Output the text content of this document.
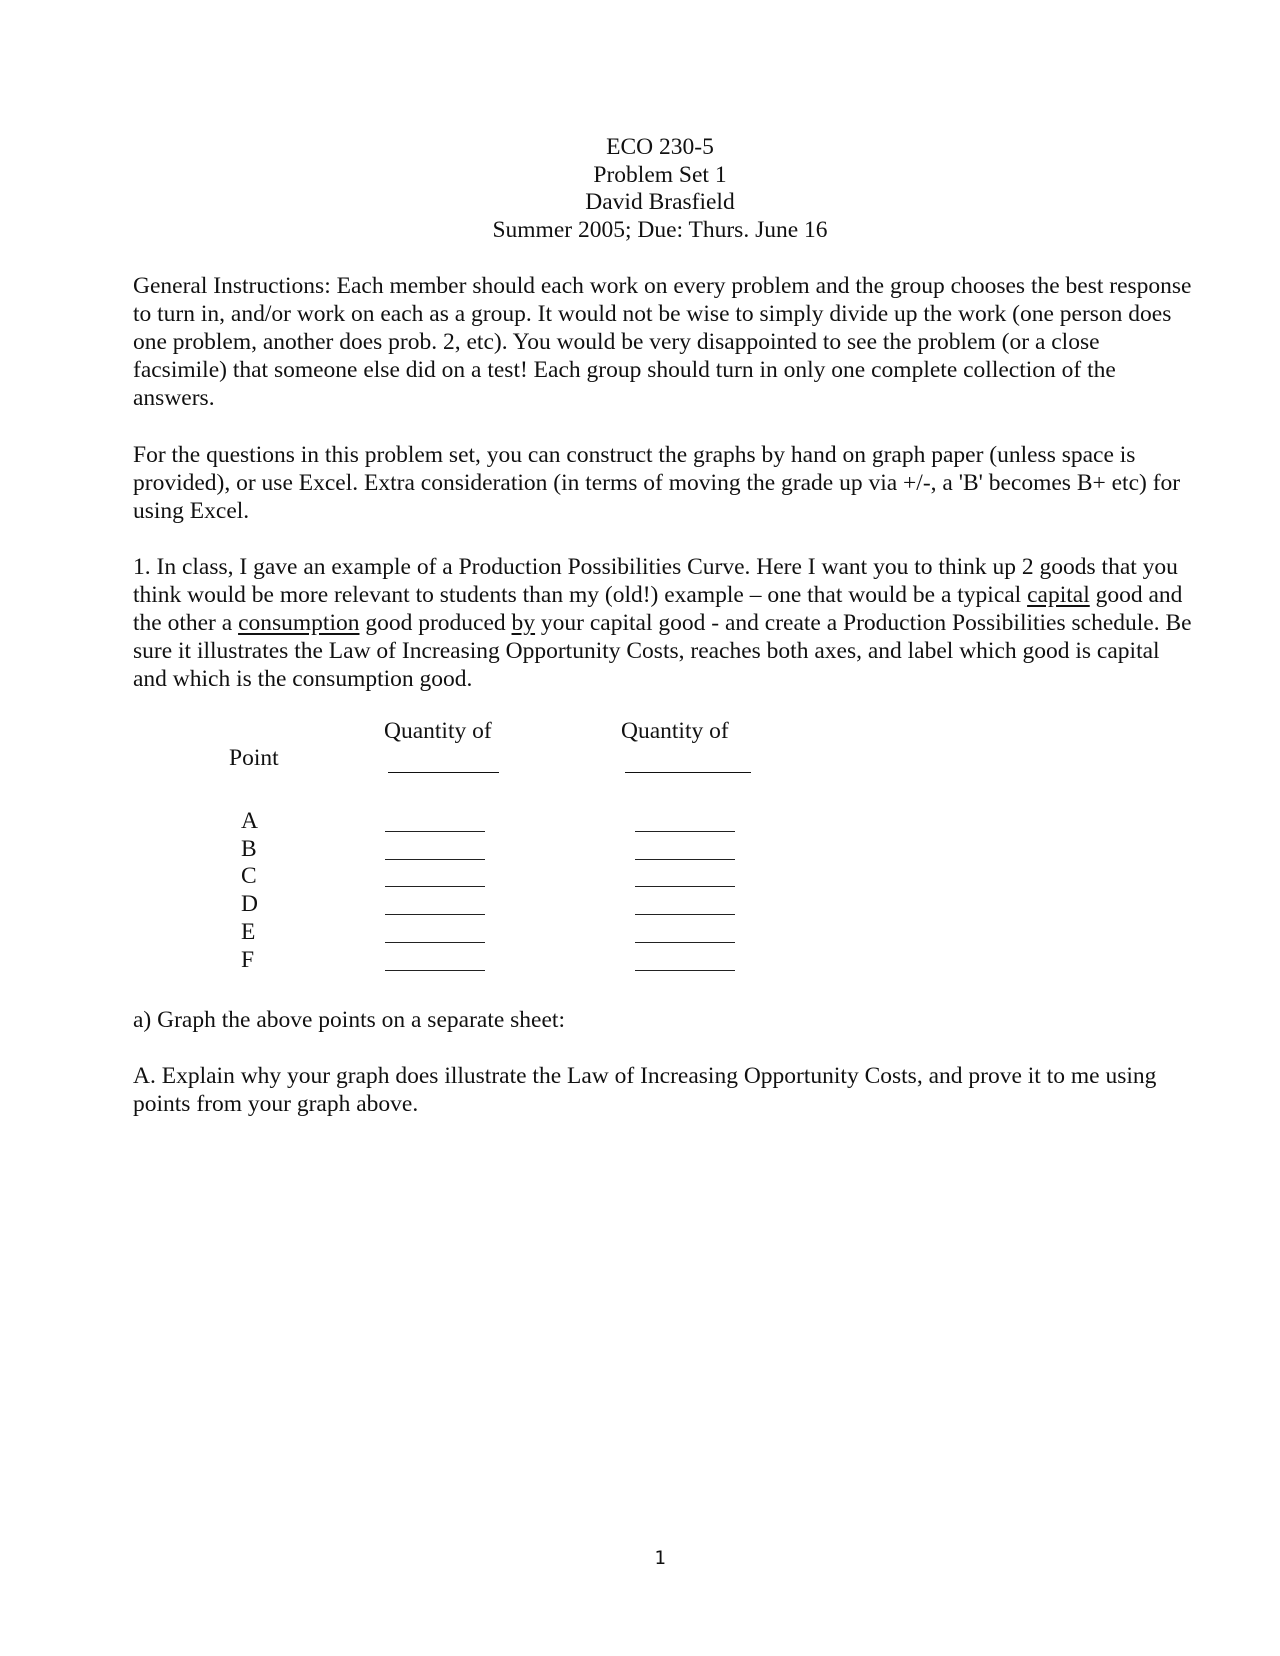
ECO 230-5
Problem Set 1
David Brasfield
Summer 2005; Due: Thurs. June 16

General Instructions: Each member should each work on every problem and the group chooses the best response to turn in, and/or work on each as a group. It would not be wise to simply divide up the work (one person does one problem, another does prob. 2, etc). You would be very disappointed to see the problem (or a close facsimile) that someone else did on a test! Each group should turn in only one complete collection of the answers.

For the questions in this problem set, you can construct the graphs by hand on graph paper (unless space is provided), or use Excel. Extra consideration (in terms of moving the grade up via +/-, a 'B' becomes B+ etc) for using Excel.

1. In class, I gave an example of a Production Possibilities Curve. Here I want you to think up 2 goods that you think would be more relevant to students than my (old!) example – one that would be a typical capital good and the other a consumption good produced by your capital good - and create a Production Possibilities schedule. Be sure it illustrates the Law of Increasing Opportunity Costs, reaches both axes, and label which good is capital and which is the consumption good.

Quantity of	Quantity of
Point
A
B
C
D
E
F

a) Graph the above points on a separate sheet:

A. Explain why your graph does illustrate the Law of Increasing Opportunity Costs, and prove it to me using points from your graph above.

1
